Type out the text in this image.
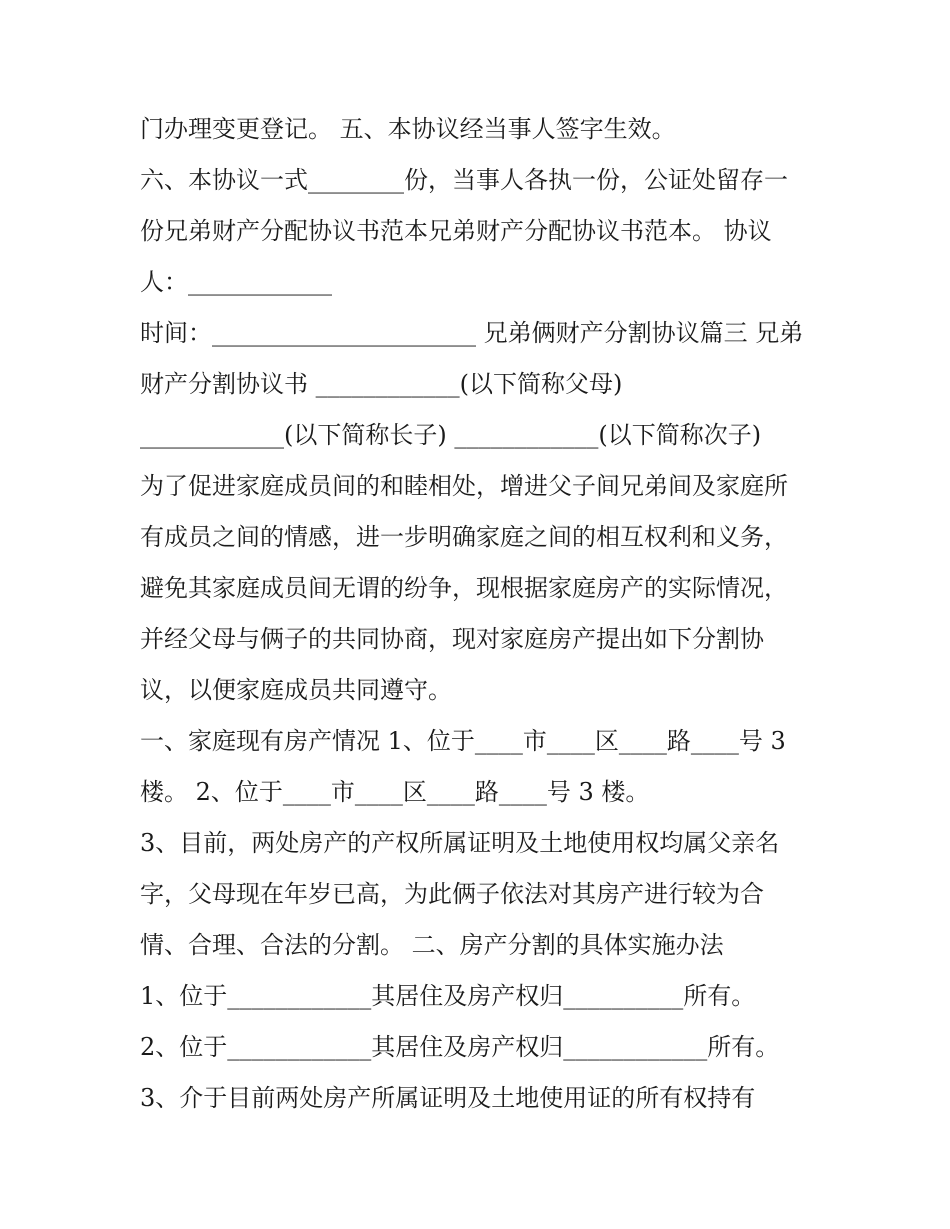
门办理变更登记。 五、本协议经当事人签字生效。
六、本协议一式________份，当事人各执一份，公证处留存一
份兄弟财产分配协议书范本兄弟财产分配协议书范本。 协议
人：____________
时间：______________________ 兄弟俩财产分割协议篇三 兄弟
财产分割协议书 ____________(以下简称父母)
____________(以下简称长子) ____________(以下简称次子)
为了促进家庭成员间的和睦相处，增进父子间兄弟间及家庭所
有成员之间的情感，进一步明确家庭之间的相互权利和义务，
避免其家庭成员间无谓的纷争，现根据家庭房产的实际情况，
并经父母与俩子的共同协商，现对家庭房产提出如下分割协
议，以便家庭成员共同遵守。
一、家庭现有房产情况 1、位于____市____区____路____号 3
楼。 2、位于____市____区____路____号 3 楼。
3、目前，两处房产的产权所属证明及土地使用权均属父亲名
字，父母现在年岁已高，为此俩子依法对其房产进行较为合
情、合理、合法的分割。 二、房产分割的具体实施办法
1、位于____________其居住及房产权归__________所有。
2、位于____________其居住及房产权归____________所有。
3、介于目前两处房产所属证明及土地使用证的所有权持有
